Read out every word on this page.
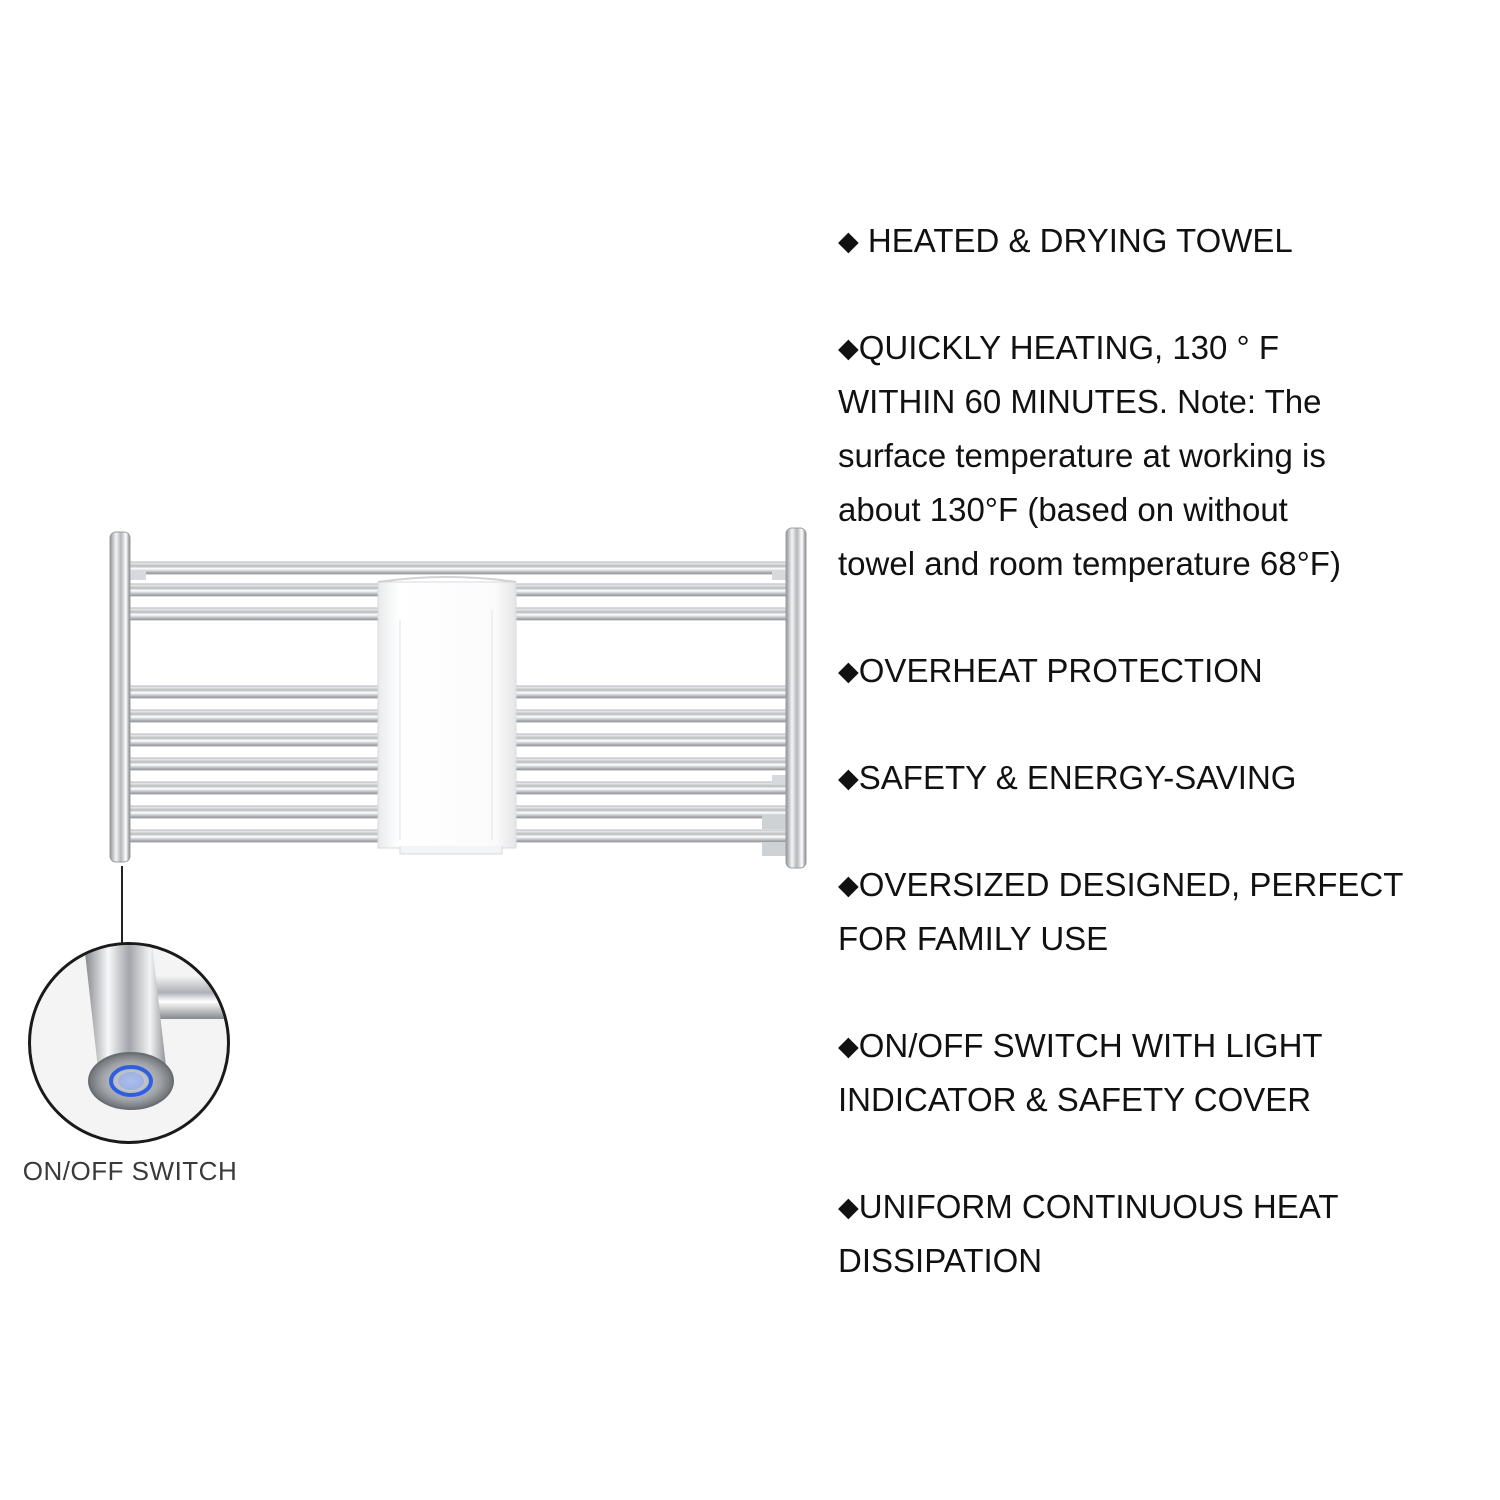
ON/OFF SWITCH
◆ HEATED & DRYING TOWEL
◆QUICKLY HEATING, 130 ° F
WITHIN 60 MINUTES. Note: The
surface temperature at working is
about 130°F (based on without
towel and room temperature 68°F)
◆OVERHEAT PROTECTION
◆SAFETY & ENERGY-SAVING
◆OVERSIZED DESIGNED, PERFECT
FOR FAMILY USE
◆ON/OFF SWITCH WITH LIGHT
INDICATOR & SAFETY COVER
◆UNIFORM CONTINUOUS HEAT
DISSIPATION
